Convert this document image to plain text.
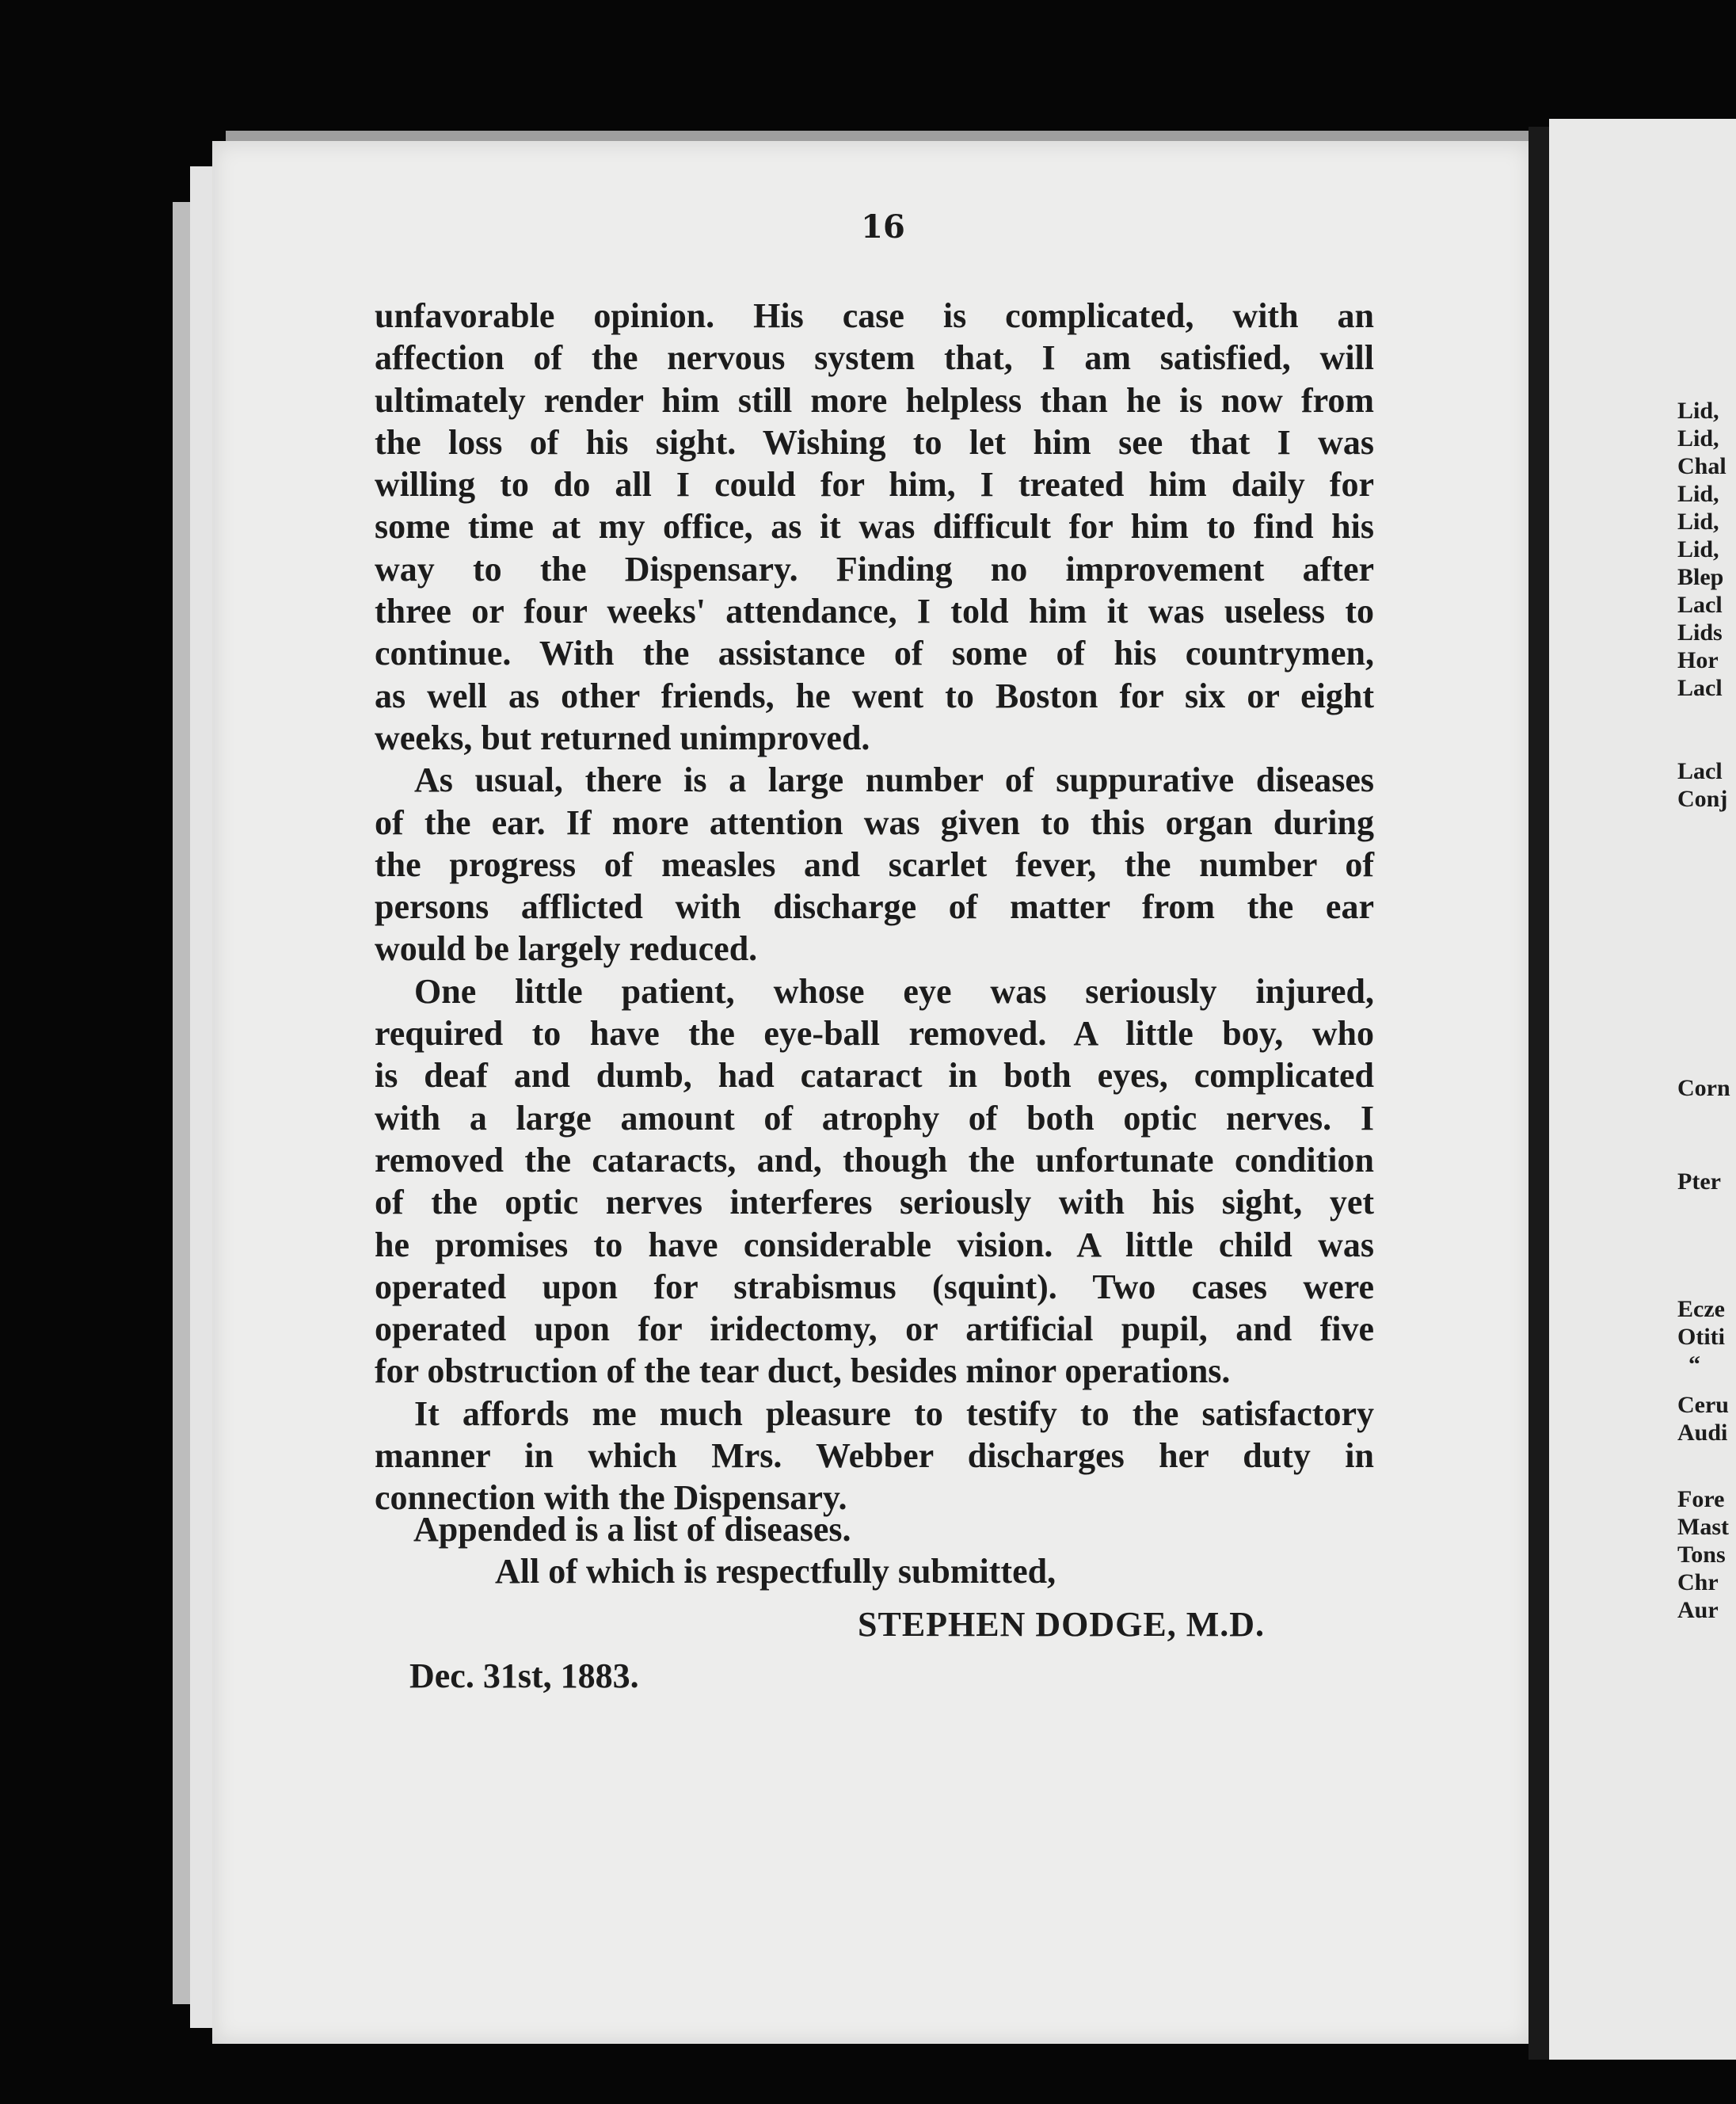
16

unfavorable opinion. His case is complicated, with an
affection of the nervous system that, I am satisfied, will
ultimately render him still more helpless than he is now from
the loss of his sight. Wishing to let him see that I was
willing to do all I could for him, I treated him daily for
some time at my office, as it was difficult for him to find his
way to the Dispensary. Finding no improvement after
three or four weeks' attendance, I told him it was useless to
continue. With the assistance of some of his countrymen,
as well as other friends, he went to Boston for six or eight
weeks, but returned unimproved.

As usual, there is a large number of suppurative diseases
of the ear. If more attention was given to this organ during
the progress of measles and scarlet fever, the number of
persons afflicted with discharge of matter from the ear
would be largely reduced.

One little patient, whose eye was seriously injured,
required to have the eye-ball removed. A little boy, who
is deaf and dumb, had cataract in both eyes, complicated
with a large amount of atrophy of both optic nerves. I
removed the cataracts, and, though the unfortunate condition
of the optic nerves interferes seriously with his sight, yet
he promises to have considerable vision. A little child was
operated upon for strabismus (squint). Two cases were
operated upon for iridectomy, or artificial pupil, and five
for obstruction of the tear duct, besides minor operations.

It affords me much pleasure to testify to the satisfactory
manner in which Mrs. Webber discharges her duty in
connection with the Dispensary.

Appended is a list of diseases.
All of which is respectfully submitted,
STEPHEN DODGE, M.D.
Dec. 31st, 1883.
Lid,
Lid,
Chal
Lid,
Lid,
Lid,
Blep
Lacl
Lids
Hor
Lacl
Lacl
Conj
Corn
Pter
Ecze
Otiti
“
Ceru
Audi
Fore
Mast
Tons
Chr
Aur
